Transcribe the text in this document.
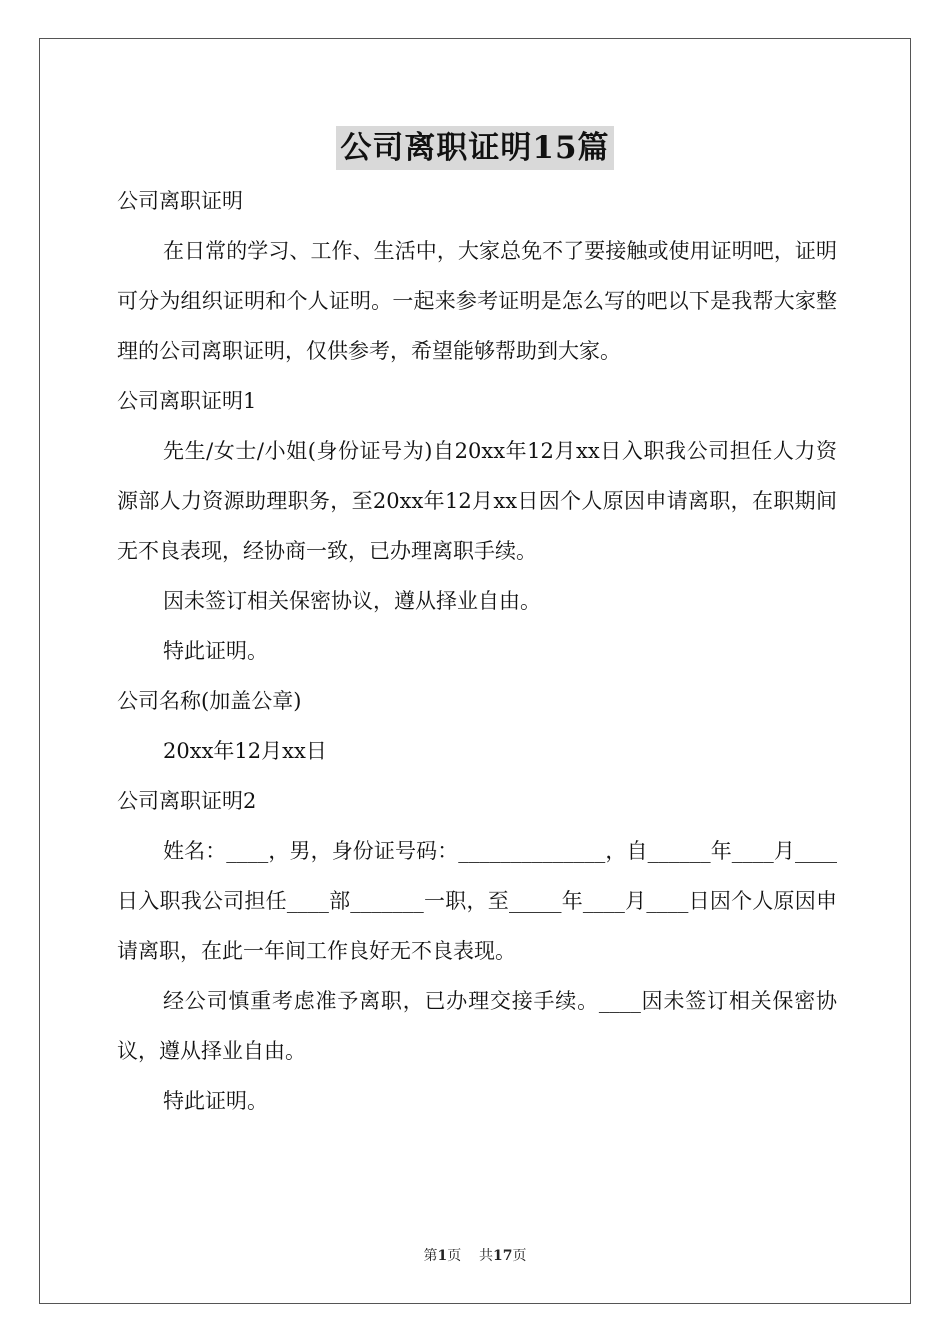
公司离职证明15篇

公司离职证明

在日常的学习、工作、生活中，大家总免不了要接触或使用证明吧，证明可分为组织证明和个人证明。一起来参考证明是怎么写的吧以下是我帮大家整理的公司离职证明，仅供参考，希望能够帮助到大家。

公司离职证明1

先生/女士/小姐(身份证号为)自20xx年12月xx日入职我公司担任人力资源部人力资源助理职务，至20xx年12月xx日因个人原因申请离职，在职期间无不良表现，经协商一致，已办理离职手续。

因未签订相关保密协议，遵从择业自由。

特此证明。

公司名称(加盖公章)

20xx年12月xx日

公司离职证明2

姓名：____，男，身份证号码：______________，自______年____月____日入职我公司担任____部_______一职，至_____年____月____日因个人原因申请离职，在此一年间工作良好无不良表现。

经公司慎重考虑准予离职，已办理交接手续。____因未签订相关保密协议，遵从择业自由。

特此证明。

第1页 共17页
